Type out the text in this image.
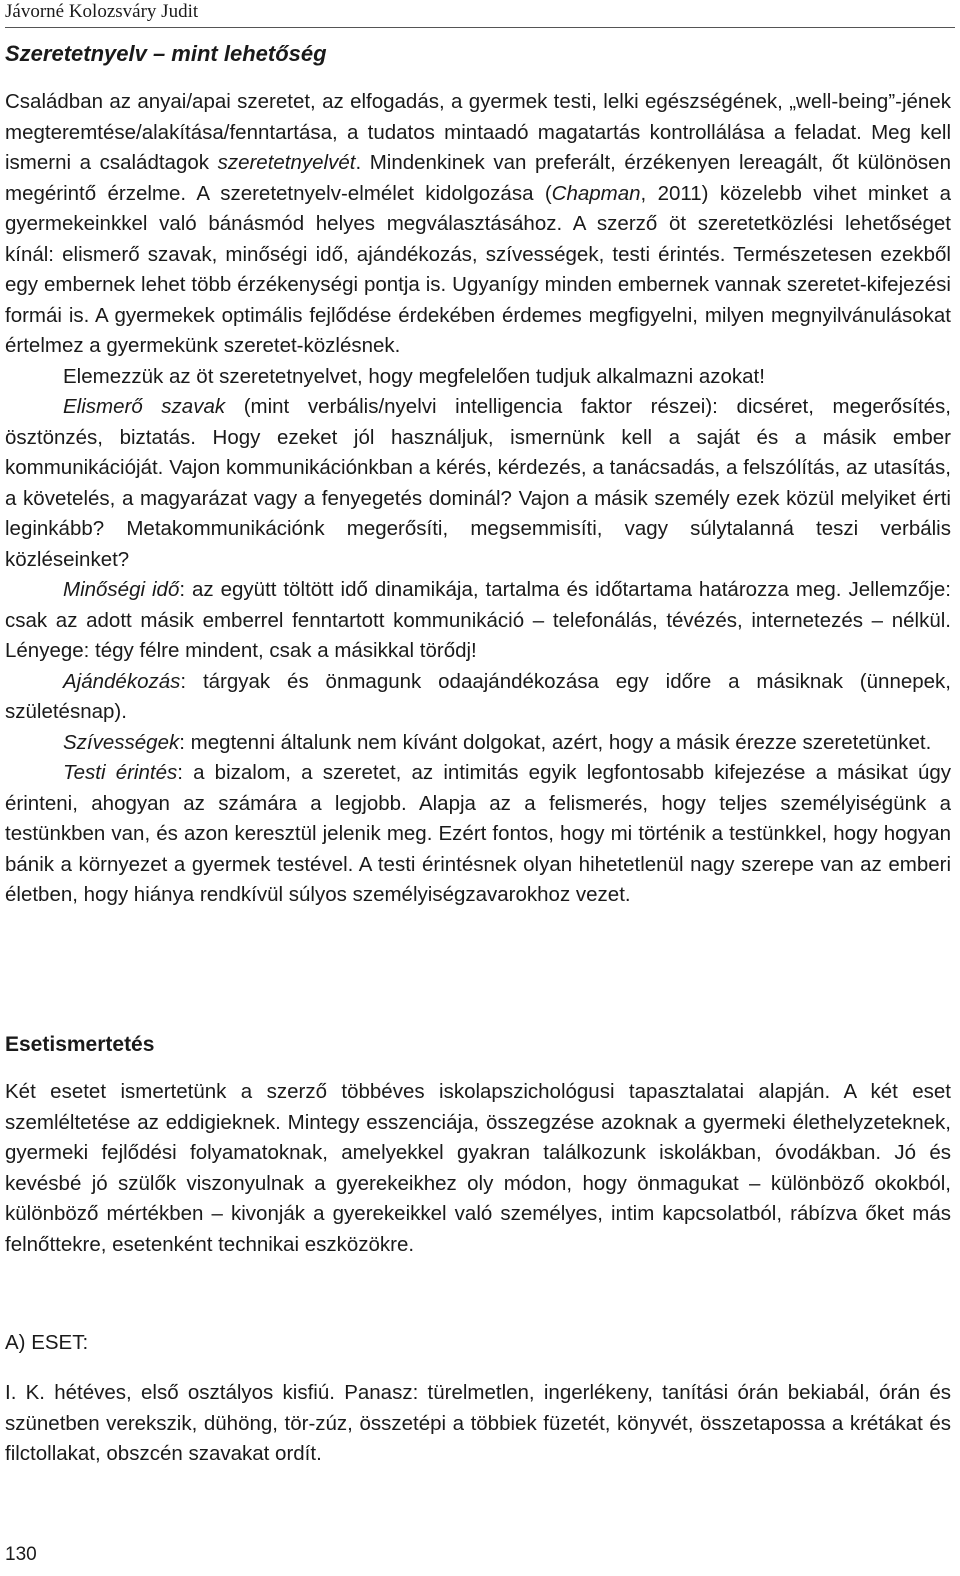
Jávorné Kolozsváry Judit
Szeretetnyelv – mint lehetőség

Családban az anyai/apai szeretet, az elfogadás, a gyermek testi, lelki egészségének, „well-being”-jének megteremtése/alakítása/fenntartása, a tudatos mintaadó magatartás kontrollálása a feladat. Meg kell ismerni a családtagok szeretetnyelvét. Mindenkinek van preferált, érzékenyen lereagált, őt különösen megérintő érzelme. A szeretetnyelv-elmélet kidolgozása (Chapman, 2011) közelebb vihet minket a gyermekeinkkel való bánásmód helyes megválasztásához. A szerző öt szeretetközlési lehetőséget kínál: elismerő szavak, minőségi idő, ajándékozás, szívességek, testi érintés. Természetesen ezekből egy embernek lehet több érzékenységi pontja is. Ugyanígy minden embernek vannak szeretet-kifejezési formái is. A gyermekek optimális fejlődése érdekében érdemes megfigyelni, milyen megnyilvánulásokat értelmez a gyermekünk szeretet-közlésnek.

Elemezzük az öt szeretetnyelvet, hogy megfelelően tudjuk alkalmazni azokat!

Elismerő szavak (mint verbális/nyelvi intelligencia faktor részei): dicséret, megerősítés, ösztönzés, biztatás. Hogy ezeket jól használjuk, ismernünk kell a saját és a másik ember kommunikációját. Vajon kommunikációnkban a kérés, kérdezés, a tanácsadás, a felszólítás, az utasítás, a követelés, a magyarázat vagy a fenyegetés dominál? Vajon a másik személy ezek közül melyiket érti leginkább? Metakommunikációnk megerősíti, megsemmisíti, vagy súlytalanná teszi verbális közléseinket?

Minőségi idő: az együtt töltött idő dinamikája, tartalma és időtartama határozza meg. Jellemzője: csak az adott másik emberrel fenntartott kommunikáció – telefonálás, tévézés, internetezés – nélkül. Lényege: tégy félre mindent, csak a másikkal törődj!

Ajándékozás: tárgyak és önmagunk odaajándékozása egy időre a másiknak (ünnepek, születésnap).

Szívességek: megtenni általunk nem kívánt dolgokat, azért, hogy a másik érezze szeretetünket.

Testi érintés: a bizalom, a szeretet, az intimitás egyik legfontosabb kifejezése a másikat úgy érinteni, ahogyan az számára a legjobb. Alapja az a felismerés, hogy teljes személyiségünk a testünkben van, és azon keresztül jelenik meg. Ezért fontos, hogy mi történik a testünkkel, hogy hogyan bánik a környezet a gyermek testével. A testi érintésnek olyan hihetetlenül nagy szerepe van az emberi életben, hogy hiánya rendkívül súlyos személyiségzavarokhoz vezet.

Esetismertetés

Két esetet ismertetünk a szerző többéves iskolapszichológusi tapasztalatai alapján. A két eset szemléltetése az eddigieknek. Mintegy esszenciája, összegzése azoknak a gyermeki élethelyzeteknek, gyermeki fejlődési folyamatoknak, amelyekkel gyakran találkozunk iskolákban, óvodákban. Jó és kevésbé jó szülők viszonyulnak a gyerekeikhez oly módon, hogy önmagukat – különböző okokból, különböző mértékben – kivonják a gyerekeikkel való személyes, intim kapcsolatból, rábízva őket más felnőttekre, esetenként technikai eszközökre.

A) ESET:

I. K. hétéves, első osztályos kisfiú. Panasz: türelmetlen, ingerlékeny, tanítási órán bekiabál, órán és szünetben verekszik, dühöng, tör-zúz, összetépi a többiek füzetét, könyvét, összetapossa a krétákat és filctollakat, obszcén szavakat ordít.

130
